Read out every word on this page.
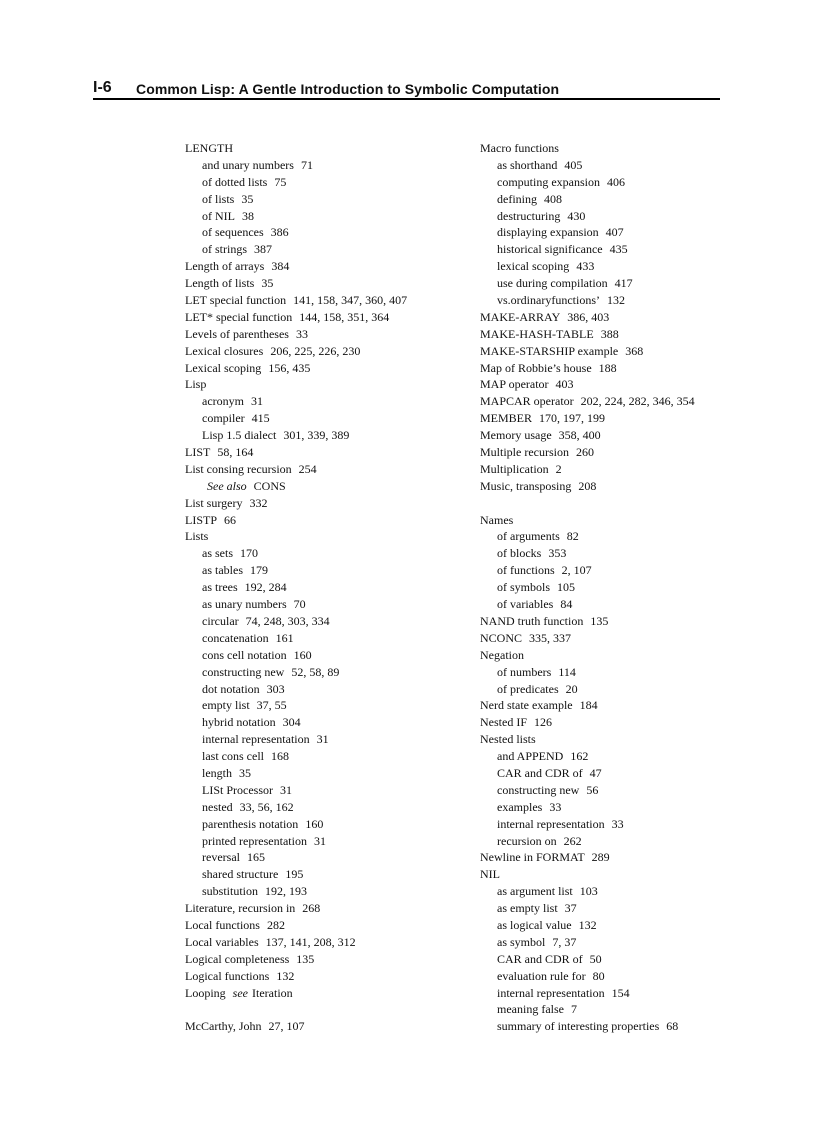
I-6 Common Lisp: A Gentle Introduction to Symbolic Computation
LENGTH
and unary numbers 71
of dotted lists 75
of lists 35
of NIL 38
of sequences 386
of strings 387
Length of arrays 384
Length of lists 35
LET special function 141, 158, 347, 360, 407
LET* special function 144, 158, 351, 364
Levels of parentheses 33
Lexical closures 206, 225, 226, 230
Lexical scoping 156, 435
Lisp
acronym 31
compiler 415
Lisp 1.5 dialect 301, 339, 389
LIST 58, 164
List consing recursion 254
See also CONS
List surgery 332
LISTP 66
Lists
as sets 170
as tables 179
as trees 192, 284
as unary numbers 70
circular 74, 248, 303, 334
concatenation 161
cons cell notation 160
constructing new 52, 58, 89
dot notation 303
empty list 37, 55
hybrid notation 304
internal representation 31
last cons cell 168
length 35
LISt Processor 31
nested 33, 56, 162
parenthesis notation 160
printed representation 31
reversal 165
shared structure 195
substitution 192, 193
Literature, recursion in 268
Local functions 282
Local variables 137, 141, 208, 312
Logical completeness 135
Logical functions 132
Looping see Iteration
McCarthy, John 27, 107
Macro functions
as shorthand 405
computing expansion 406
defining 408
destructuring 430
displaying expansion 407
historical significance 435
lexical scoping 433
use during compilation 417
vs.ordinaryfunctions’ 132
MAKE-ARRAY 386, 403
MAKE-HASH-TABLE 388
MAKE-STARSHIP example 368
Map of Robbie’s house 188
MAP operator 403
MAPCAR operator 202, 224, 282, 346, 354
MEMBER 170, 197, 199
Memory usage 358, 400
Multiple recursion 260
Multiplication 2
Music, transposing 208
Names
of arguments 82
of blocks 353
of functions 2, 107
of symbols 105
of variables 84
NAND truth function 135
NCONC 335, 337
Negation
of numbers 114
of predicates 20
Nerd state example 184
Nested IF 126
Nested lists
and APPEND 162
CAR and CDR of 47
constructing new 56
examples 33
internal representation 33
recursion on 262
Newline in FORMAT 289
NIL
as argument list 103
as empty list 37
as logical value 132
as symbol 7, 37
CAR and CDR of 50
evaluation rule for 80
internal representation 154
meaning false 7
summary of interesting properties 68
